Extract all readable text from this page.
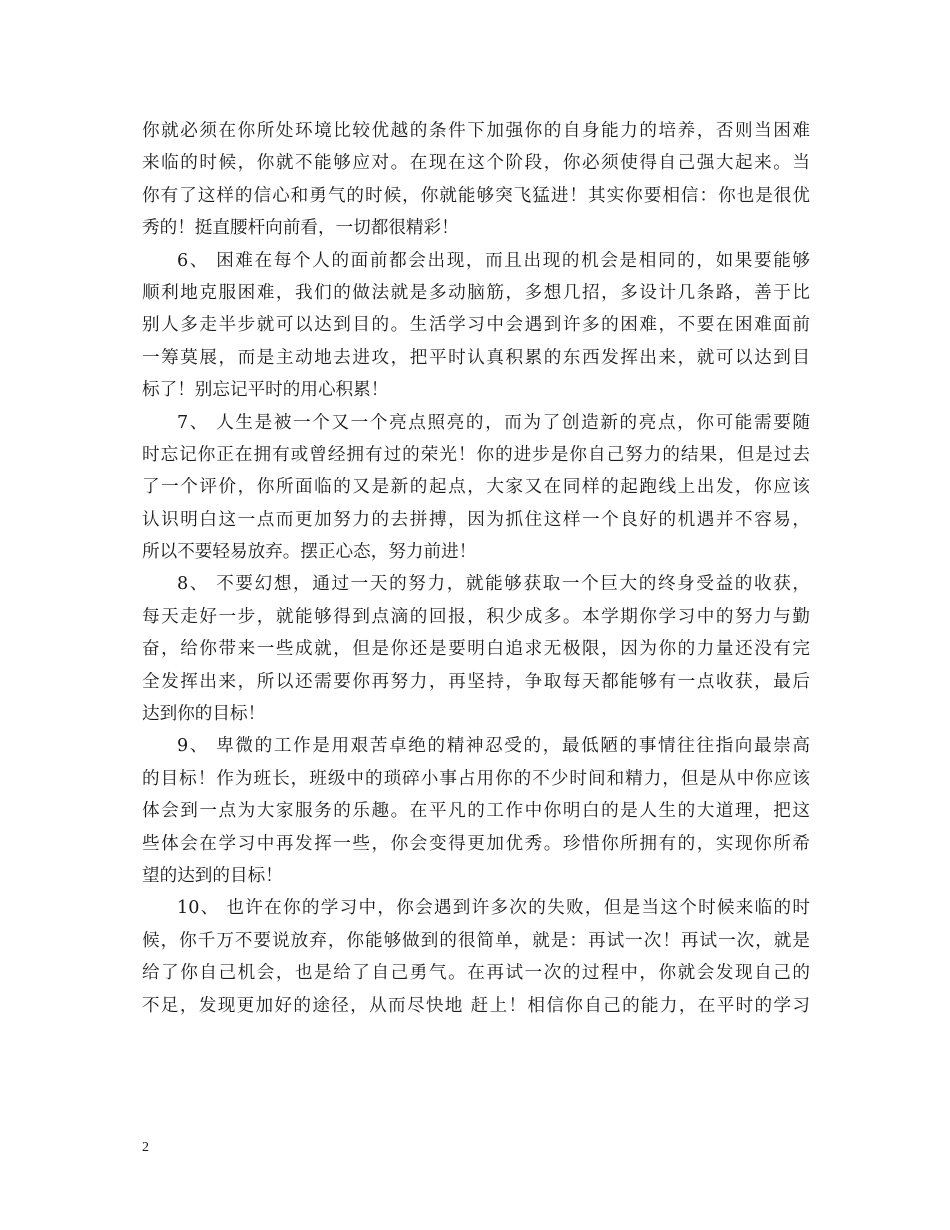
你就必须在你所处环境比较优越的条件下加强你的自身能力的培养，否则当困难
来临的时候，你就不能够应对。在现在这个阶段，你必须使得自己强大起来。当
你有了这样的信心和勇气的时候，你就能够突飞猛进！其实你要相信：你也是很优
秀的！挺直腰杆向前看，一切都很精彩！
6、 困难在每个人的面前都会出现，而且出现的机会是相同的，如果要能够
顺利地克服困难，我们的做法就是多动脑筋，多想几招，多设计几条路，善于比
别人多走半步就可以达到目的。生活学习中会遇到许多的困难，不要在困难面前
一筹莫展，而是主动地去进攻，把平时认真积累的东西发挥出来，就可以达到目
标了！别忘记平时的用心积累！
7、 人生是被一个又一个亮点照亮的，而为了创造新的亮点，你可能需要随
时忘记你正在拥有或曾经拥有过的荣光！你的进步是你自己努力的结果，但是过去
了一个评价，你所面临的又是新的起点，大家又在同样的起跑线上出发，你应该
认识明白这一点而更加努力的去拼搏，因为抓住这样一个良好的机遇并不容易，
所以不要轻易放弃。摆正心态，努力前进！
8、 不要幻想，通过一天的努力，就能够获取一个巨大的终身受益的收获，
每天走好一步，就能够得到点滴的回报，积少成多。本学期你学习中的努力与勤
奋，给你带来一些成就，但是你还是要明白追求无极限，因为你的力量还没有完
全发挥出来，所以还需要你再努力，再坚持，争取每天都能够有一点收获，最后
达到你的目标！
9、 卑微的工作是用艰苦卓绝的精神忍受的，最低陋的事情往往指向最崇高
的目标！作为班长，班级中的琐碎小事占用你的不少时间和精力，但是从中你应该
体会到一点为大家服务的乐趣。在平凡的工作中你明白的是人生的大道理，把这
些体会在学习中再发挥一些，你会变得更加优秀。珍惜你所拥有的，实现你所希
望的达到的目标！
10、 也许在你的学习中，你会遇到许多次的失败，但是当这个时候来临的时
候，你千万不要说放弃，你能够做到的很简单，就是：再试一次！再试一次，就是
给了你自己机会，也是给了自己勇气。在再试一次的过程中，你就会发现自己的
不足，发现更加好的途径，从而尽快地 赶上！相信你自己的能力，在平时的学习
2
